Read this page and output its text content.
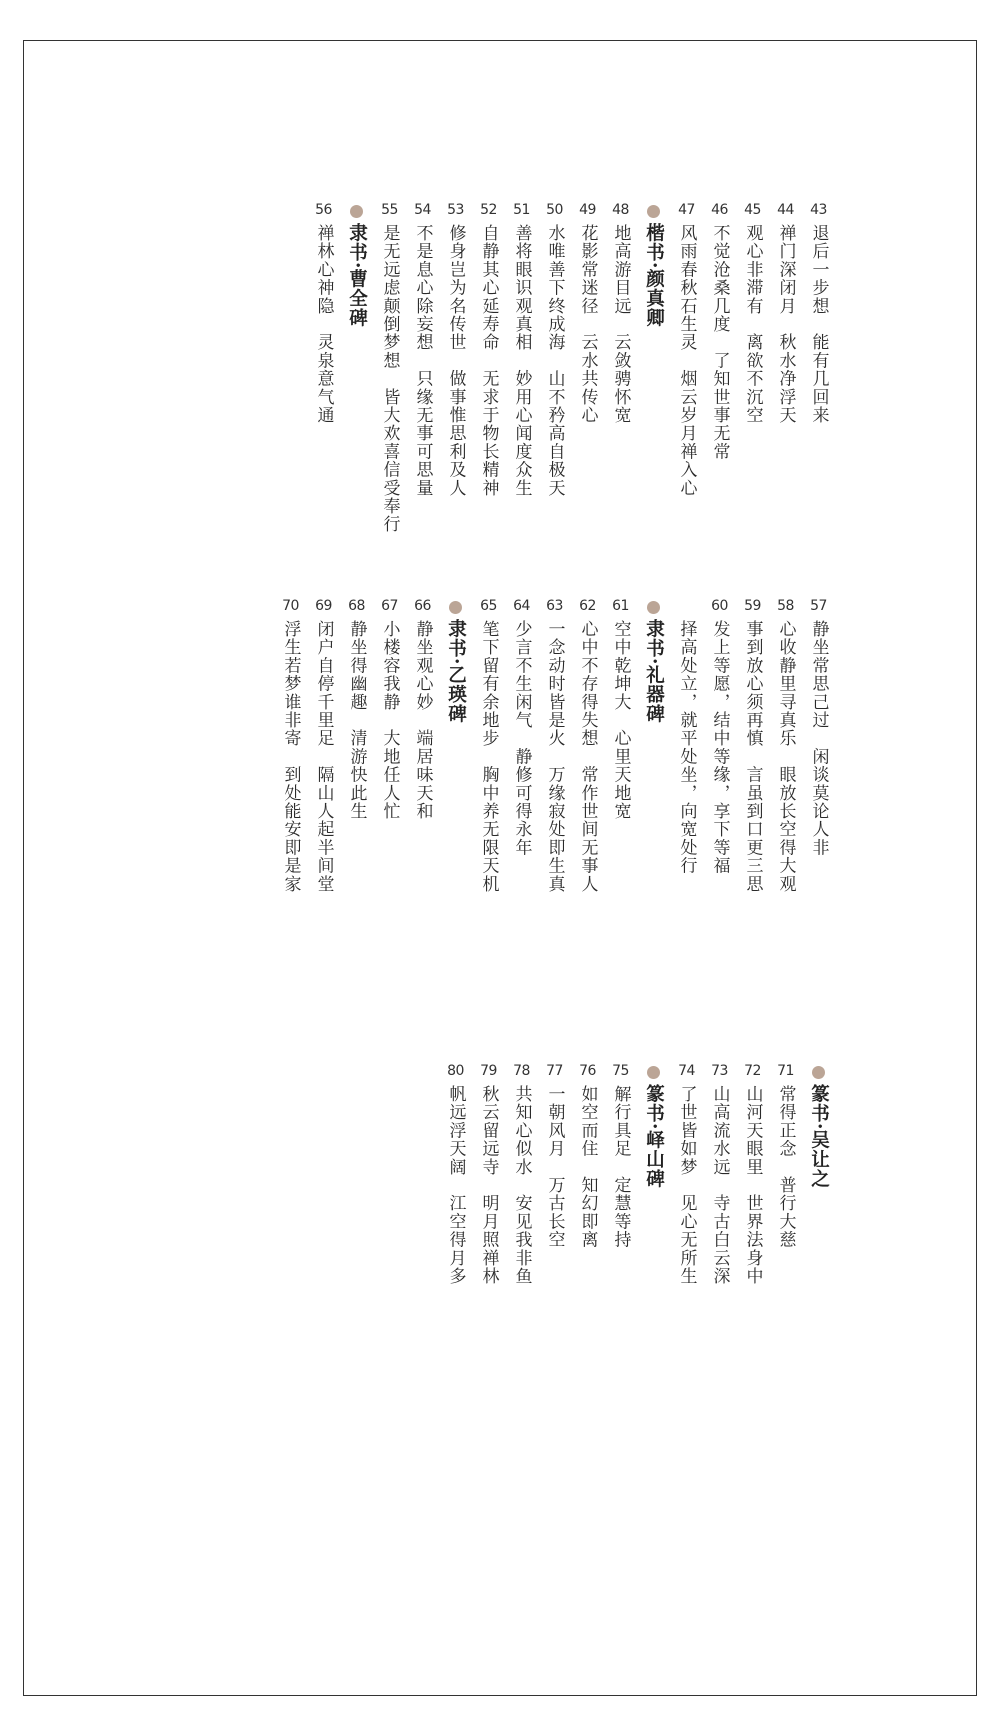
43
退后一步想　能有几回来
44
禅门深闭月　秋水净浮天
45
观心非滞有　离欲不沉空
46
不觉沧桑几度　了知世事无常
47
风雨春秋石生灵　烟云岁月禅入心
楷书·颜真卿
48
地高游目远　云敛骋怀宽
49
花影常迷径　云水共传心
50
水唯善下终成海　山不矜高自极天
51
善将眼识观真相　妙用心闻度众生
52
自静其心延寿命　无求于物长精神
53
修身岂为名传世　做事惟思利及人
54
不是息心除妄想　只缘无事可思量
55
是无远虑颠倒梦想　皆大欢喜信受奉行
隶书·曹全碑
56
禅林心神隐　灵泉意气通
57
静坐常思己过　闲谈莫论人非
58
心收静里寻真乐　眼放长空得大观
59
事到放心须再慎　言虽到口更三思
60
发上等愿，结中等缘，享下等福
择高处立，就平处坐，向宽处行
隶书·礼器碑
61
空中乾坤大　心里天地宽
62
心中不存得失想　常作世间无事人
63
一念动时皆是火　万缘寂处即生真
64
少言不生闲气　静修可得永年
65
笔下留有余地步　胸中养无限天机
隶书·乙瑛碑
66
静坐观心妙　端居味天和
67
小楼容我静　大地任人忙
68
静坐得幽趣　清游快此生
69
闭户自停千里足　隔山人起半间堂
70
浮生若梦谁非寄　到处能安即是家
篆书·吴让之
71
常得正念　普行大慈
72
山河天眼里　世界法身中
73
山高流水远　寺古白云深
74
了世皆如梦　见心无所生
篆书·峄山碑
75
解行具足　定慧等持
76
如空而住　知幻即离
77
一朝风月　万古长空
78
共知心似水　安见我非鱼
79
秋云留远寺　明月照禅林
80
帆远浮天阔　江空得月多
